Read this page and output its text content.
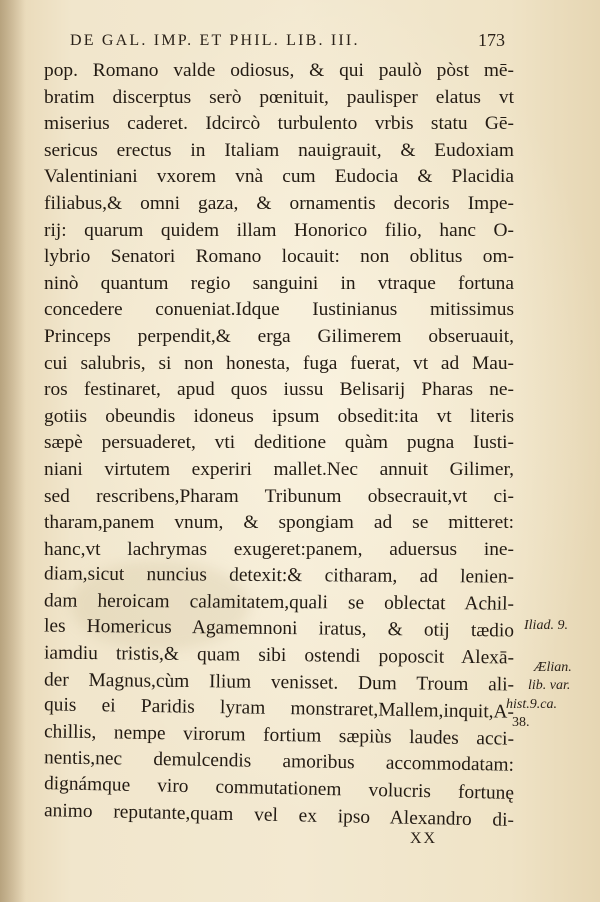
DE GAL. IMP. ET PHIL. LIB. III.	173
pop. Romano valde odiosus, & qui paulò pòst mē-
bratim discerptus serò pœnituit, paulisper elatus vt
miserius caderet. Idcircò turbulento vrbis statu Gē-
sericus erectus in Italiam nauigrauit, & Eudoxiam
Valentiniani vxorem vnà cum Eudocia & Placidia
filiabus,& omni gaza, & ornamentis decoris Impe-
rij: quarum quidem illam Honorico filio, hanc O-
lybrio Senatori Romano locauit: non oblitus om-
ninò quantum regio sanguini in vtraque fortuna
concedere conueniat.Idque Iustinianus mitissimus
Princeps perpendit,& erga Gilimerem obseruauit,
cui salubris, si non honesta, fuga fuerat, vt ad Mau-
ros festinaret, apud quos iussu Belisarij Pharas ne-
gotiis obeundis idoneus ipsum obsedit:ita vt literis
sæpè persuaderet, vti deditione quàm pugna Iusti-
niani virtutem experiri mallet.Nec annuit Gilimer,
sed rescribens,Pharam Tribunum obsecrauit,vt ci-
tharam,panem vnum, & spongiam ad se mitteret:
hanc,vt lachrymas exugeret:panem, aduersus ine-
diam,sicut nuncius detexit:& citharam, ad lenien-
dam heroicam calamitatem,quali se oblectat Achil-
les Homericus Agamemnoni iratus, & otij tædio
iamdiu tristis,& quam sibi ostendi poposcit Alexā-
der Magnus,cùm Ilium venisset. Dum Troum ali-
quis ei Paridis lyram monstraret,Mallem,inquit,A-
chillis, nempe virorum fortium sæpiùs laudes acci-
nentis,nec demulcendis amoribus accommodatam:
dignámque viro commutationem volucris fortunę
animo reputante,quam vel ex ipso Alexandro di-
Iliad. 9.
Ælian.
lib. var.
hist.9.ca.
38.
XX
